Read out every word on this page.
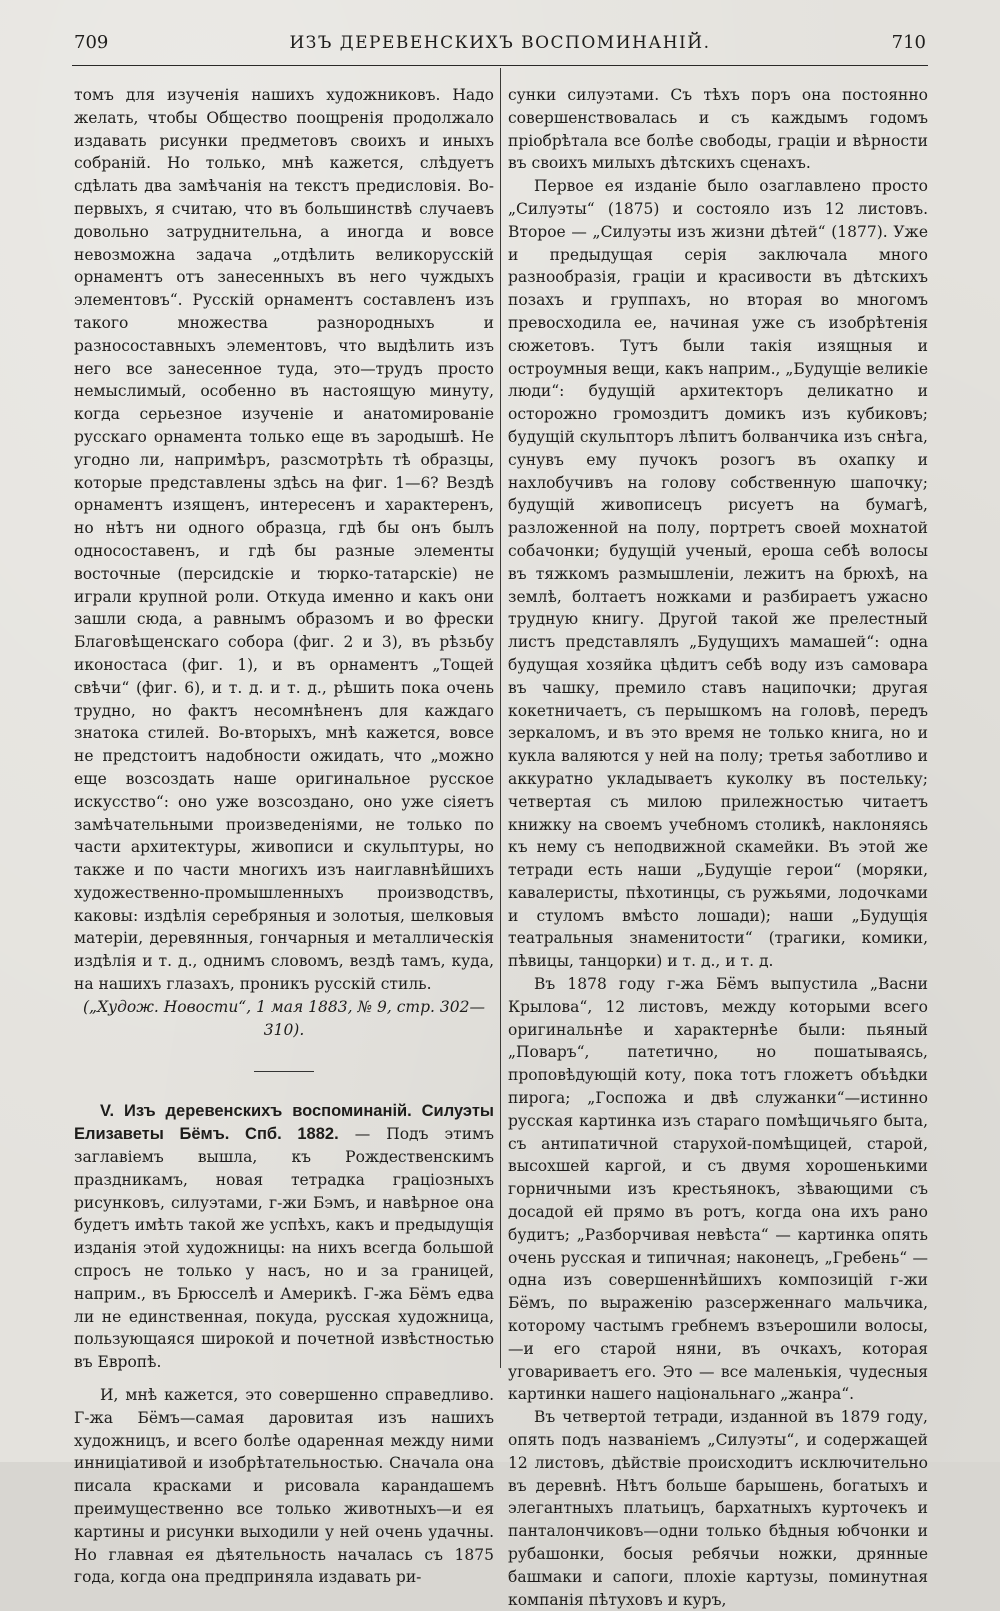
709	ИЗЪ ДЕРЕВЕНСКИХЪ ВОСПОМИНАНІЙ.	710

томъ для изученія нашихъ художниковъ. Надо желать, чтобы Общество поощренія продолжало издавать рисунки предметовъ своихъ и иныхъ собраній. Но только, мнѣ кажется, слѣдуетъ сдѣлать два замѣчанія на текстъ предисловія. Во-первыхъ, я считаю, что въ большинствѣ случаевъ довольно затруднительна, а иногда и вовсе невозможна задача „отдѣлить великорусскій орнаментъ отъ занесенныхъ въ него чуждыхъ элементовъ“. Русскій орнаментъ составленъ изъ такого множества разнородныхъ и разносоставныхъ элементовъ, что выдѣлить изъ него все занесенное туда, это—трудъ просто немыслимый, особенно въ настоящую минуту, когда серьезное изученіе и анатомированіе русскаго орнамента только еще въ зародышѣ. Не угодно ли, напримѣръ, разсмотрѣть тѣ образцы, которые представлены здѣсь на фиг. 1—6? Вездѣ орнаментъ изященъ, интересенъ и характеренъ, но нѣтъ ни одного образца, гдѣ бы онъ былъ односоставенъ, и гдѣ бы разные элементы восточные (персидскіе и тюрко-татарскіе) не играли крупной роли. Откуда именно и какъ они зашли сюда, а равнымъ образомъ и во фрески Благовѣщенскаго собора (фиг. 2 и 3), въ рѣзьбу иконостаса (фиг. 1), и въ орнаментъ „Тощей свѣчи“ (фиг. 6), и т. д. и т. д., рѣшить пока очень трудно, но фактъ несомнѣненъ для каждаго знатока стилей. Во-вторыхъ, мнѣ кажется, вовсе не предстоитъ надобности ожидать, что „можно еще возсоздать наше оригинальное русское искусство“: оно уже возсоздано, оно уже сіяетъ замѣчательными произведеніями, не только по части архитектуры, живописи и скульптуры, но также и по части многихъ изъ наиглавнѣйшихъ художественно-промышленныхъ производствъ, каковы: издѣлія серебряныя и золотыя, шелковыя матеріи, деревянныя, гончарныя и металлическія издѣлія и т. д., однимъ словомъ, вездѣ тамъ, куда, на нашихъ глазахъ, проникъ русскій стиль.

(„Худож. Новости“, 1 мая 1883, № 9, стр. 302—310).

V. Изъ деревенскихъ воспоминаній. Силуэты Елизаветы Бёмъ. Спб. 1882. — Подъ этимъ заглавіемъ вышла, къ Рождественскимъ праздникамъ, новая тетрадка граціозныхъ рисунковъ, силуэтами, г-жи Бэмъ, и навѣрное она будетъ имѣть такой же успѣхъ, какъ и предыдущія изданія этой художницы: на нихъ всегда большой спросъ не только у насъ, но и за границей, наприм., въ Брюсселѣ и Америкѣ. Г-жа Бёмъ едва ли не единственная, покуда, русская художница, пользующаяся широкой и почетной извѣстностью въ Европѣ.

И, мнѣ кажется, это совершенно справедливо. Г-жа Бёмъ—самая даровитая изъ нашихъ художницъ, и всего болѣе одаренная между ними инниціативой и изобрѣтательностью. Сначала она писала красками и рисовала карандашемъ преимущественно все только животныхъ—и ея картины и рисунки выходили у ней очень удачны. Но главная ея дѣятельность началась съ 1875 года, когда она предприняла издавать ри-

сунки силуэтами. Съ тѣхъ поръ она постоянно совершенствовалась и съ каждымъ годомъ пріобрѣтала все болѣе свободы, граціи и вѣрности въ своихъ милыхъ дѣтскихъ сценахъ.

Первое ея изданіе было озаглавлено просто „Силуэты“ (1875) и состояло изъ 12 листовъ. Второе — „Силуэты изъ жизни дѣтей“ (1877). Уже и предыдущая серія заключала много разнообразія, граціи и красивости въ дѣтскихъ позахъ и группахъ, но вторая во многомъ превосходила ее, начиная уже съ изобрѣтенія сюжетовъ. Тутъ были такія изящныя и остроумныя вещи, какъ наприм., „Будущіе великіе люди“: будущій архитекторъ деликатно и осторожно громоздитъ домикъ изъ кубиковъ; будущій скульпторъ лѣпитъ болванчика изъ снѣга, сунувъ ему пучокъ розогъ въ охапку и нахлобучивъ на голову собственную шапочку; будущій живописецъ рисуетъ на бумагѣ, разложенной на полу, портретъ своей мохнатой собачонки; будущій ученый, ероша себѣ волосы въ тяжкомъ размышленіи, лежитъ на брюхѣ, на землѣ, болтаетъ ножками и разбираетъ ужасно трудную книгу. Другой такой же прелестный листъ представлялъ „Будущихъ мамашей“: одна будущая хозяйка цѣдитъ себѣ воду изъ самовара въ чашку, премило ставъ наципочки; другая кокетничаетъ, съ перышкомъ на головѣ, передъ зеркаломъ, и въ это время не только книга, но и кукла валяются у ней на полу; третья заботливо и аккуратно укладываетъ куколку въ постельку; четвертая съ милою прилежностью читаетъ книжку на своемъ учебномъ столикѣ, наклоняясь къ нему съ неподвижной скамейки. Въ этой же тетради есть наши „Будущіе герои“ (моряки, кавалеристы, пѣхотинцы, съ ружьями, лодочками и стуломъ вмѣсто лошади); наши „Будущія театральныя знаменитости“ (трагики, комики, пѣвицы, танцорки) и т. д., и т. д.

Въ 1878 году г-жа Бёмъ выпустила „Васни Крылова“, 12 листовъ, между которыми всего оригинальнѣе и характернѣе были: пьяный „Поваръ“, патетично, но пошатываясь, проповѣдующій коту, пока тотъ гложетъ объѣдки пирога; „Госпожа и двѣ служанки“—истинно русская картинка изъ стараго помѣщичьяго быта, съ антипатичной старухой-помѣщицей, старой, высохшей каргой, и съ двумя хорошенькими горничными изъ крестьянокъ, зѣвающими съ досадой ей прямо въ ротъ, когда она ихъ рано будитъ; „Разборчивая невѣста“ — картинка опять очень русская и типичная; наконецъ, „Гребень“ — одна изъ совершеннѣйшихъ композицій г-жи Бёмъ, по выраженію разсерженнаго мальчика, которому частымъ гребнемъ взъерошили волосы,—и его старой няни, въ очкахъ, которая уговариваетъ его. Это — все маленькія, чудесныя картинки нашего національнаго „жанра“.

Въ четвертой тетради, изданной въ 1879 году, опять подъ названіемъ „Силуэты“, и содержащей 12 листовъ, дѣйствіе происходитъ исключительно въ деревнѣ. Нѣтъ больше барышень, богатыхъ и элегантныхъ платьицъ, бархатныхъ курточекъ и панталончиковъ—одни только бѣдныя юбчонки и рубашонки, босыя ребячьи ножки, дрянные башмаки и сапоги, плохіе картузы, поминутная компанія пѣтуховъ и куръ,
